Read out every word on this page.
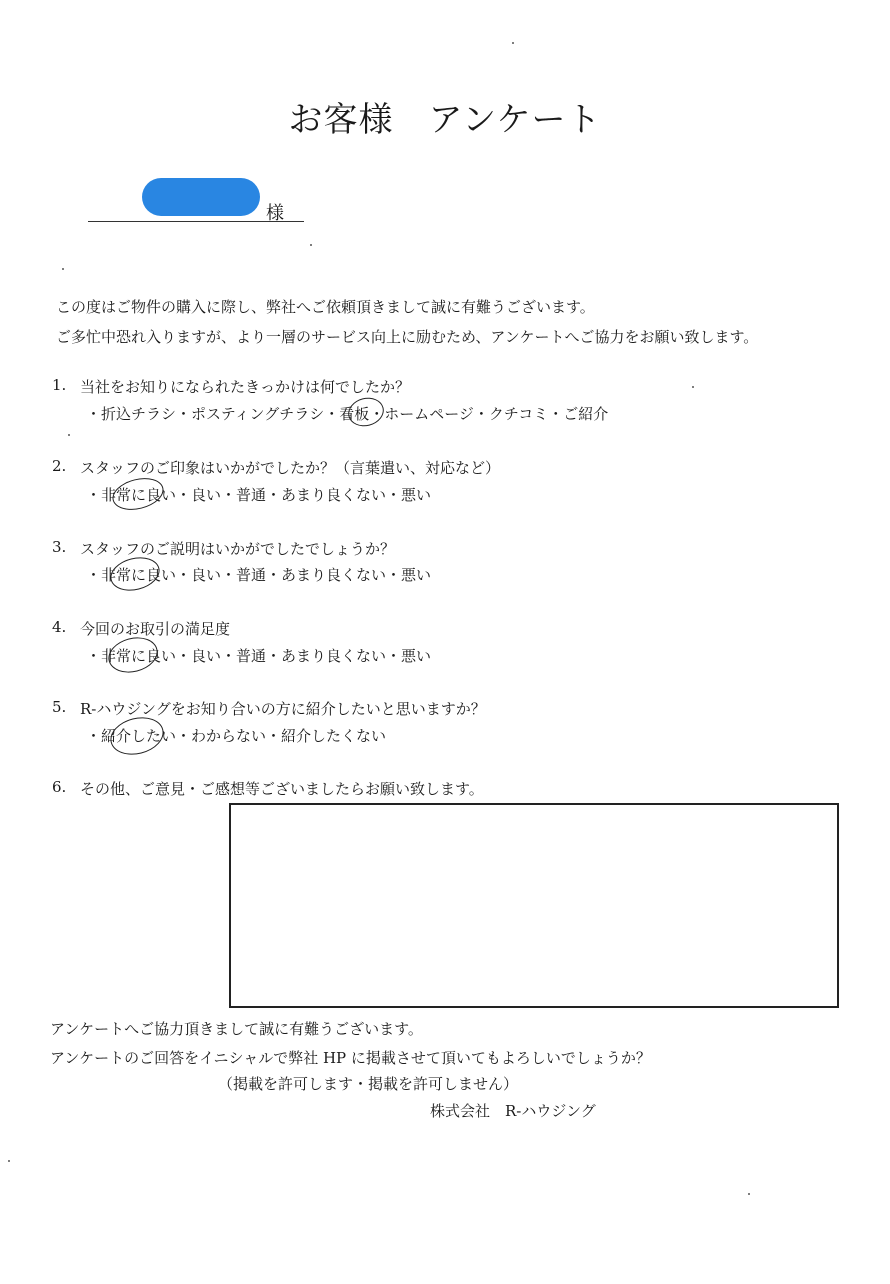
お客様　アンケート
様
この度はご物件の購入に際し、弊社へご依頼頂きまして誠に有難うございます。
ご多忙中恐れ入りますが、より一層のサービス向上に励むため、アンケートへご協力をお願い致します。
1. 当社をお知りになられたきっかけは何でしたか？
・折込チラシ・ポスティングチラシ・看板・ホームページ・クチコミ・ご紹介
2. スタッフのご印象はいかがでしたか？（言葉遣い、対応など）
・非常に良い・良い・普通・あまり良くない・悪い
3. スタッフのご説明はいかがでしたでしょうか？
・非常に良い・良い・普通・あまり良くない・悪い
4. 今回のお取引の満足度
・非常に良い・良い・普通・あまり良くない・悪い
5. R-ハウジングをお知り合いの方に紹介したいと思いますか？
・紹介したい・わからない・紹介したくない
6. その他、ご意見・ご感想等ございましたらお願い致します。
アンケートへご協力頂きまして誠に有難うございます。
アンケートのご回答をイニシャルで弊社 HP に掲載させて頂いてもよろしいでしょうか？
（掲載を許可します・掲載を許可しません）
株式会社　R-ハウジング
